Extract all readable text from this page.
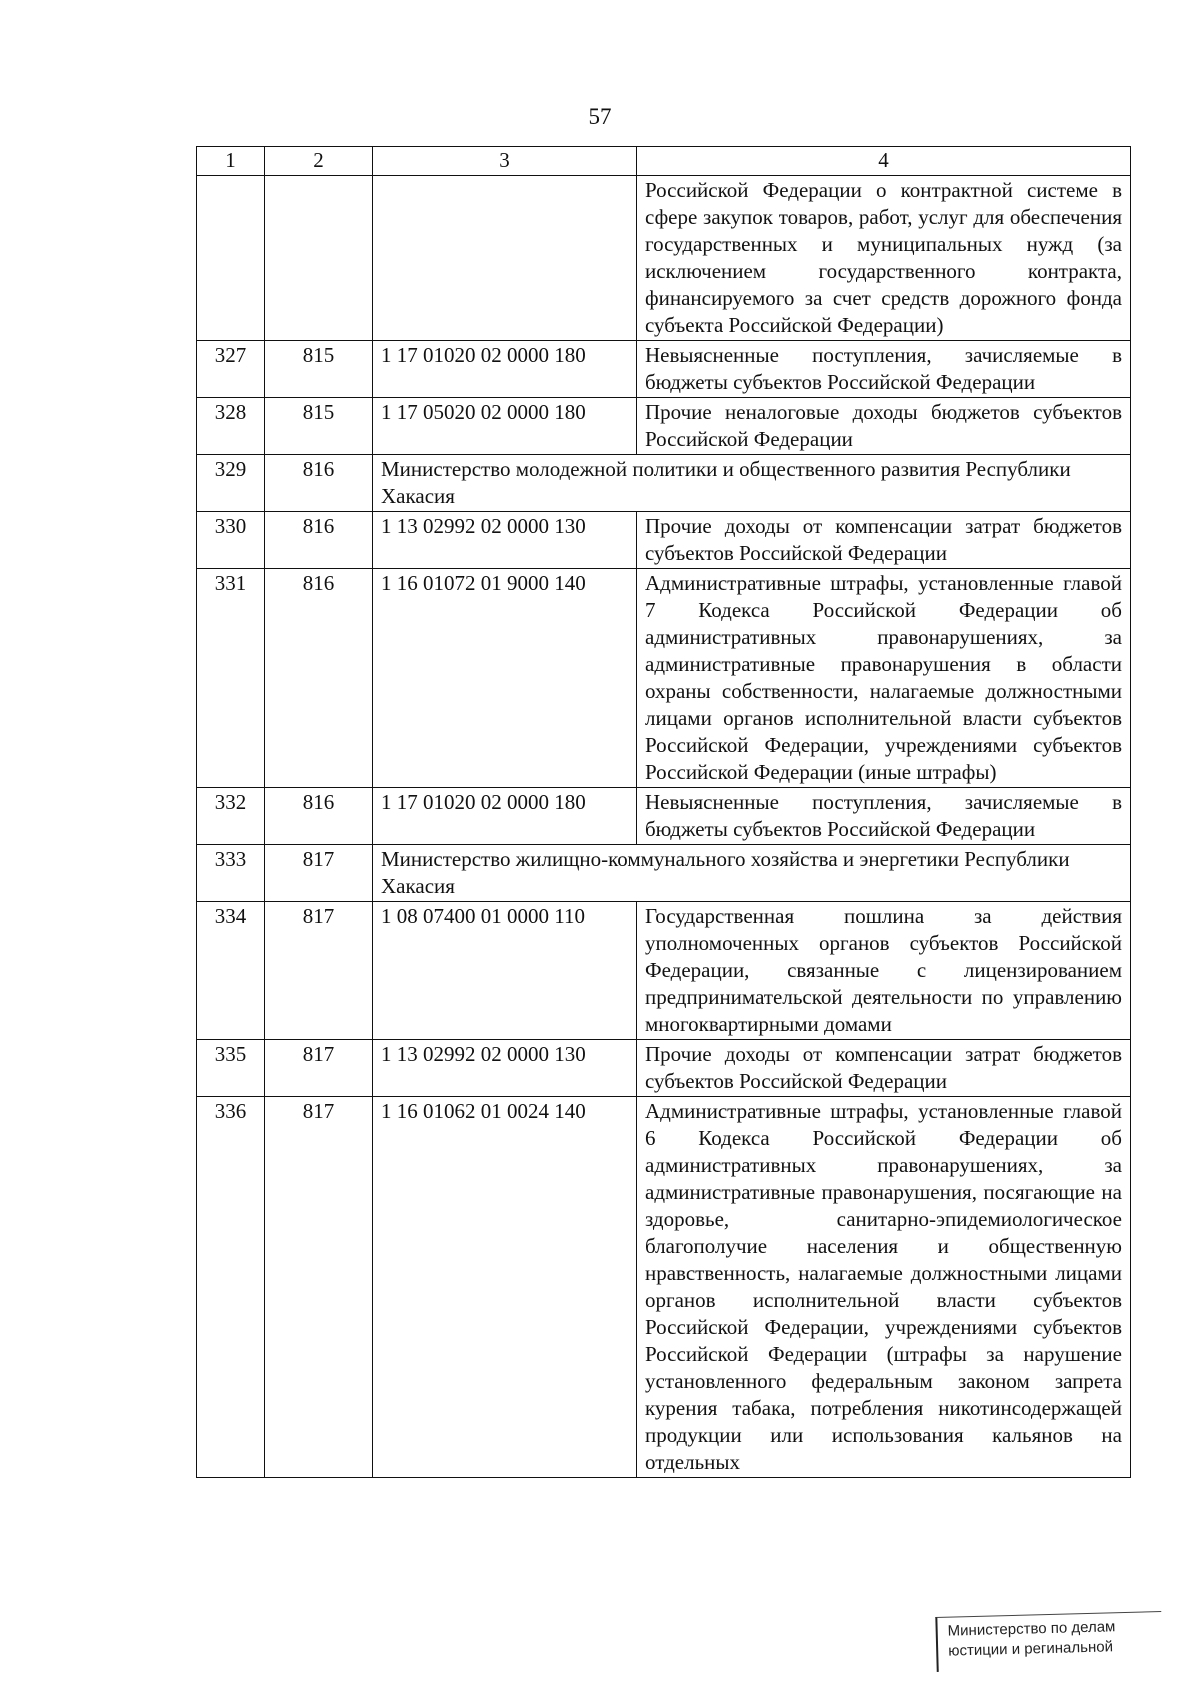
57
1	2	3	4
			Российской Федерации о контрактной системе в сфере закупок товаров, работ, услуг для обеспечения государственных и муниципальных нужд (за исключением государственного контракта, финансируемого за счет средств дорожного фонда субъекта Российской Федерации)
327	815	1 17 01020 02 0000 180	Невыясненные поступления, зачисляемые в бюджеты субъектов Российской Федерации
328	815	1 17 05020 02 0000 180	Прочие неналоговые доходы бюджетов субъектов Российской Федерации
329	816	Министерство молодежной политики и общественного развития Республики Хакасия	
330	816	1 13 02992 02 0000 130	Прочие доходы от компенсации затрат бюджетов субъектов Российской Федерации
331	816	1 16 01072 01 9000 140	Административные штрафы, установленные главой 7 Кодекса Российской Федерации об административных правонарушениях, за административные правонарушения в области охраны собственности, налагаемые должностными лицами органов исполнительной власти субъектов Российской Федерации, учреждениями субъектов Российской Федерации (иные штрафы)
332	816	1 17 01020 02 0000 180	Невыясненные поступления, зачисляемые в бюджеты субъектов Российской Федерации
333	817	Министерство жилищно-коммунального хозяйства и энергетики Республики Хакасия	
334	817	1 08 07400 01 0000 110	Государственная пошлина за действия уполномоченных органов субъектов Российской Федерации, связанные с лицензированием предпринимательской деятельности по управлению многоквартирными домами
335	817	1 13 02992 02 0000 130	Прочие доходы от компенсации затрат бюджетов субъектов Российской Федерации
336	817	1 16 01062 01 0024 140	Административные штрафы, установленные главой 6 Кодекса Российской Федерации об административных правонарушениях, за административные правонарушения, посягающие на здоровье, санитарно-эпидемиологическое благополучие населения и общественную нравственность, налагаемые должностными лицами органов исполнительной власти субъектов Российской Федерации, учреждениями субъектов Российской Федерации (штрафы за нарушение установленного федеральным законом запрета курения табака, потребления никотинсодержащей продукции или использования кальянов на отдельных
Министерство по делам
юстиции и регинальной
